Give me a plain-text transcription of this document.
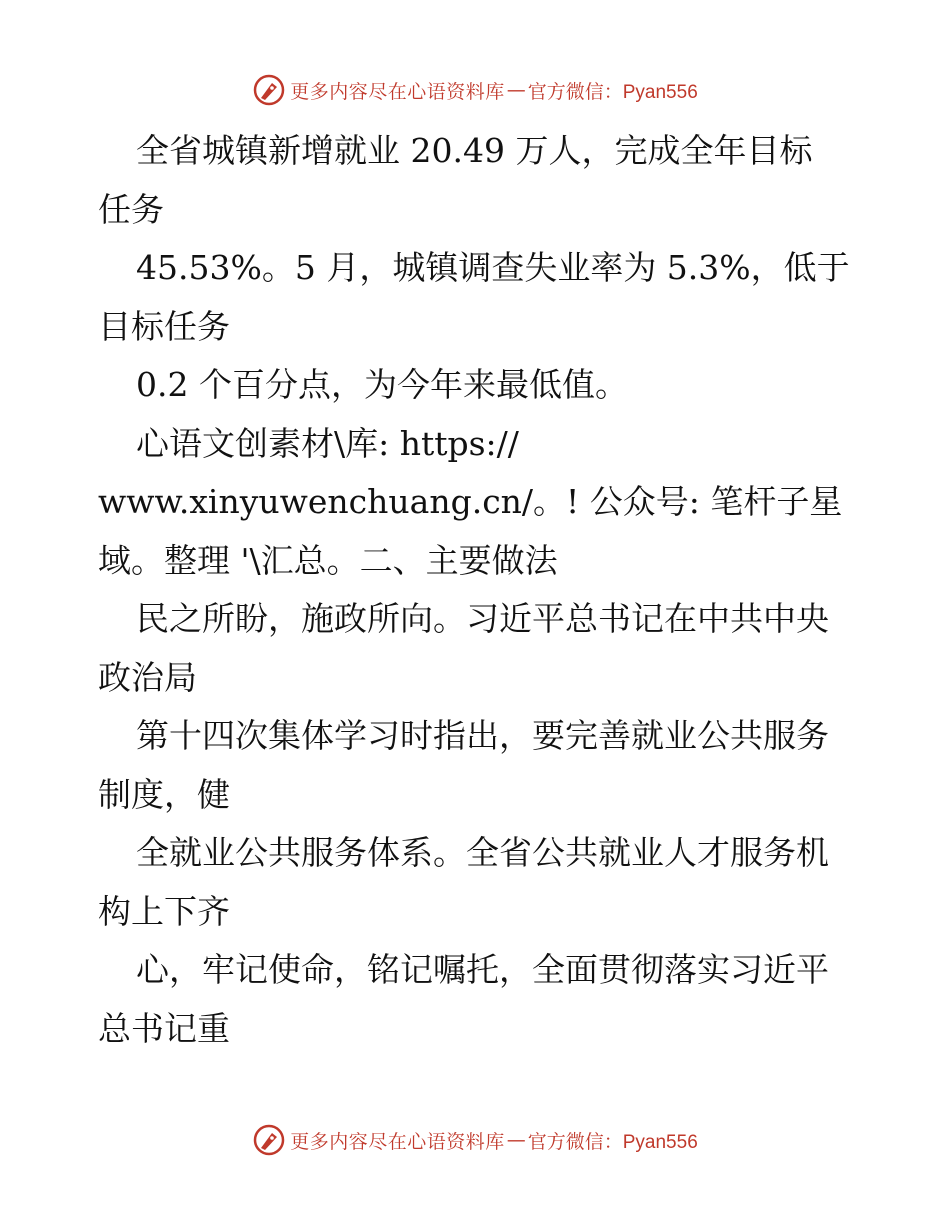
更多内容尽在心语资料库 — 官方微信：Pyan556
全省城镇新增就业 20.49 万人，完成全年目标
任务
45.53%。5 月，城镇调查失业率为 5.3%，低于
目标任务
0.2 个百分点，为今年来最低值。
心语文创素材\库: https://
www.xinyuwenchuang.cn/。! 公众号: 笔杆子星
域。整理 '\汇总。二、主要做法
民之所盼，施政所向。习近平总书记在中共中央
政治局
第十四次集体学习时指出，要完善就业公共服务
制度，健
全就业公共服务体系。全省公共就业人才服务机
构上下齐
心，牢记使命，铭记嘱托，全面贯彻落实习近平
总书记重
更多内容尽在心语资料库 — 官方微信：Pyan556
